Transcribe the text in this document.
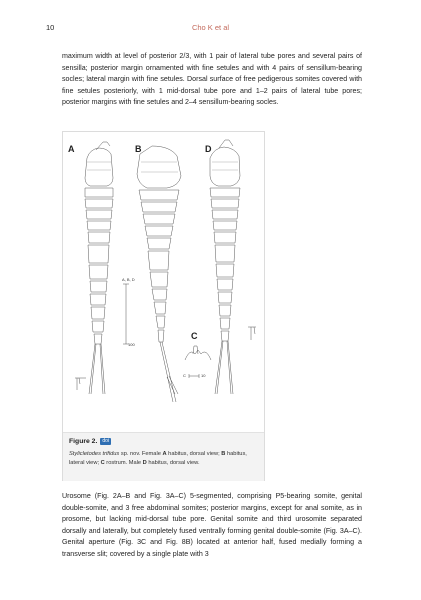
10	Cho K et al
maximum width at level of posterior 2/3, with 1 pair of lateral tube pores and several pairs of sensilla; posterior margin ornamented with fine setules and with 4 pairs of sensillum-bearing socles; lateral margin with fine setules. Dorsal surface of free pedigerous somites covered with fine setules posteriorly, with 1 mid-dorsal tube pore and 1–2 pairs of lateral tube pores; posterior margins with fine setules and 2–4 sensillum-bearing socles.
A	B	D
C
A, B, D
100
C	10
Figure 2. doi
Stylicletodes trifidus sp. nov. Female A habitus, dorsal view; B habitus, lateral view; C rostrum. Male D habitus, dorsal view.
Urosome (Fig. 2A–B and Fig. 3A–C) 5-segmented, comprising P5-bearing somite, genital double-somite, and 3 free abdominal somites; posterior margins, except for anal somite, as in prosome, but lacking mid-dorsal tube pore. Genital somite and third urosomite separated dorsally and laterally, but completely fused ventrally forming genital double-somite (Fig. 3A–C). Genital aperture (Fig. 3C and Fig. 8B) located at anterior half, fused medially forming a transverse slit; covered by a single plate with 3
